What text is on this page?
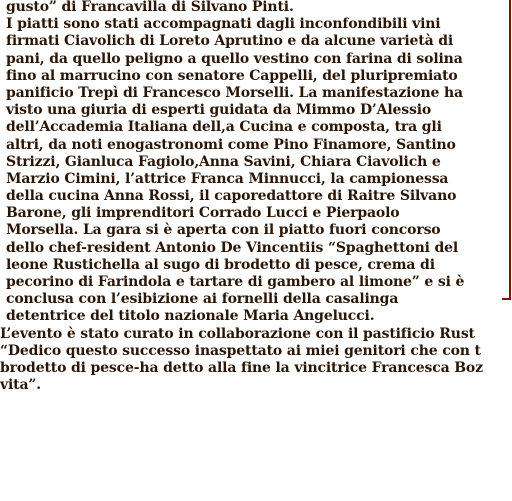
gusto” di Francavilla di Silvano Pinti.
I piatti sono stati accompagnati dagli inconfondibili vini
firmati Ciavolich di Loreto Aprutino e da alcune varietà di
pani, da quello peligno a quello vestino con farina di solina
fino al marrucino con senatore Cappelli, del pluripremiato
panificio Trepì di Francesco Morselli. La manifestazione ha
visto una giuria di esperti guidata da Mimmo D’Alessio
dell’Accademia Italiana dell,a Cucina e composta, tra gli
altri, da noti enogastronomi come Pino Finamore, Santino
Strizzi, Gianluca Fagiolo,Anna Savini, Chiara Ciavolich e
Marzio Cimini, l’attrice Franca Minnucci, la campionessa
della cucina Anna Rossi, il caporedattore di Raitre Silvano
Barone, gli imprenditori Corrado Lucci e Pierpaolo
Morsella. La gara si è aperta con il piatto fuori concorso
dello chef-resident Antonio De Vincentiis “Spaghettoni del
leone Rustichella al sugo di brodetto di pesce, crema di
pecorino di Farindola e tartare di gambero al limone” e si è
conclusa con l’esibizione ai fornelli della casalinga
detentrice del titolo nazionale Maria Angelucci.
L’evento è stato curato in collaborazione con il pastificio Rust
“Dedico questo successo inaspettato ai miei genitori che con t
brodetto di pesce-ha detto alla fine la vincitrice Francesca Boz
vita”.
